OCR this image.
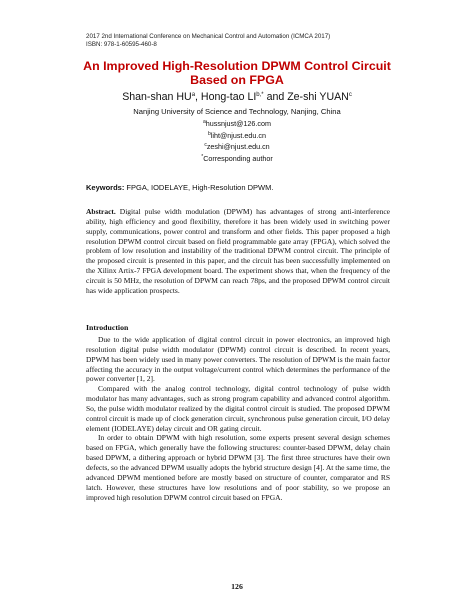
2017 2nd International Conference on Mechanical Control and Automation (ICMCA 2017)
ISBN: 978-1-60595-460-8
An Improved High-Resolution DPWM Control Circuit
Based on FPGA
Shan-shan $HU^a$, Hong-tao $LI^{b,*}$ and Ze-shi YUAN$^c$
Nanjing University of Science and Technology, Nanjing, China
$^a$hussnjust@126.com
$^b$liht@njust.edu.cn
$^c$zeshi@njust.edu.cn
*Corresponding author
Keywords: FPGA, IODELAYE, High-Resolution DPWM.
Abstract. Digital pulse width modulation (DPWM) has advantages of strong anti-interference ability, high efficiency and good flexibility, therefore it has been widely used in switching power supply, communications, power control and transform and other fields. This paper proposed a high resolution DPWM control circuit based on field programmable gate array (FPGA), which solved the problem of low resolution and instability of the traditional DPWM control circuit. The principle of the proposed circuit is presented in this paper, and the circuit has been successfully implemented on the Xilinx Artix-7 FPGA development board. The experiment shows that, when the frequency of the circuit is 50 MHz, the resolution of DPWM can reach 78ps, and the proposed DPWM control circuit has wide application prospects.
Introduction

Due to the wide application of digital control circuit in power electronics, an improved high resolution digital pulse width modulator (DPWM) control circuit is described. In recent years, DPWM has been widely used in many power converters. The resolution of DPWM is the main factor affecting the accuracy in the output voltage/current control which determines the performance of the power converter [1, 2].

Compared with the analog control technology, digital control technology of pulse width modulator has many advantages, such as strong program capability and advanced control algorithm. So, the pulse width modulator realized by the digital control circuit is studied. The proposed DPWM control circuit is made up of clock generation circuit, synchronous pulse generation circuit, I/O delay element (IODELAYE) delay circuit and OR gating circuit.

In order to obtain DPWM with high resolution, some experts present several design schemes based on FPGA, which generally have the following structures: counter-based DPWM, delay chain based DPWM, a dithering approach or hybrid DPWM [3]. The first three structures have their own defects, so the advanced DPWM usually adopts the hybrid structure design [4]. At the same time, the advanced DPWM mentioned before are mostly based on structure of counter, comparator and RS latch. However, these structures have low resolutions and of poor stability, so we propose an improved high resolution DPWM control circuit based on FPGA.

126
